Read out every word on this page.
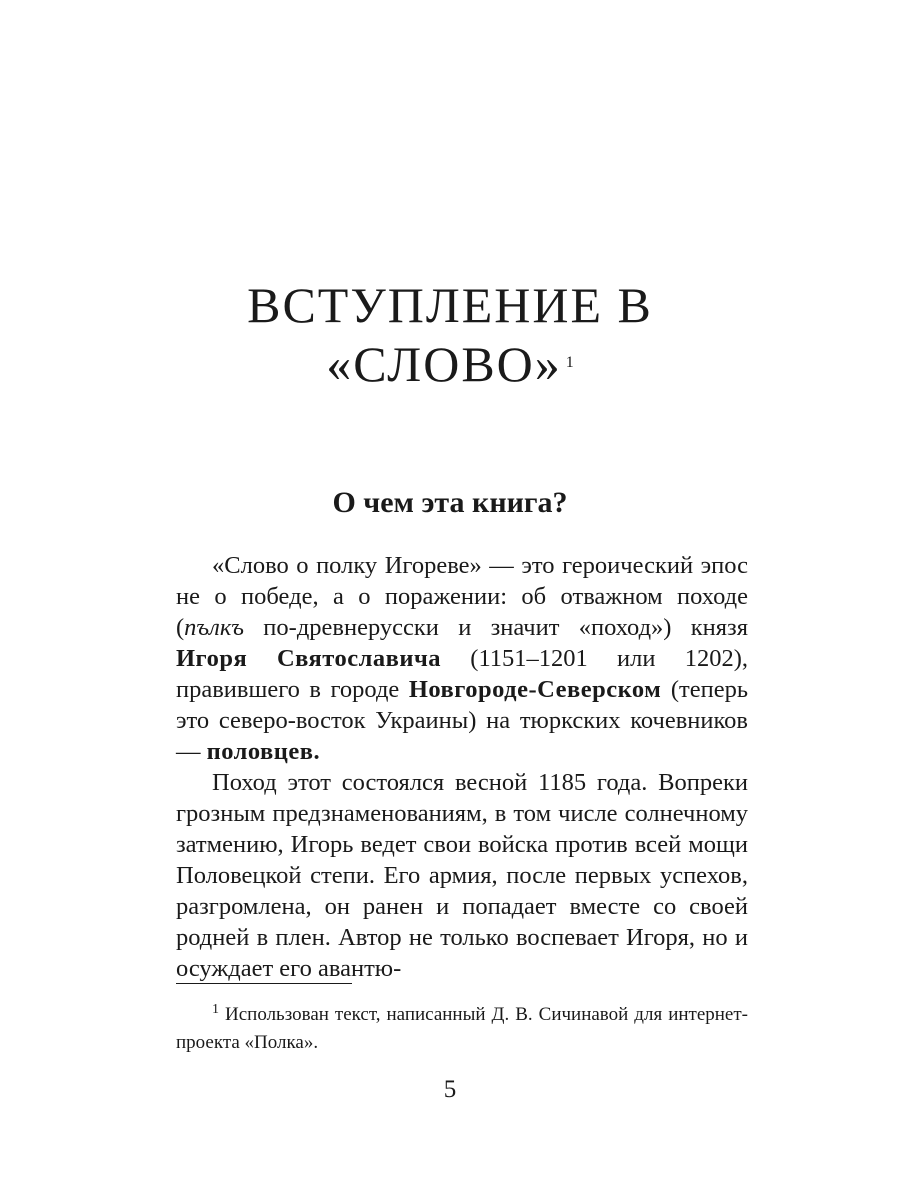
ВСТУПЛЕНИЕ В
«СЛОВО» $^1$
О чем эта книга?

«Слово о полку Игореве» — это героический эпос не о победе, а о поражении: об отважном походе (пълкъ по-древнерусски и значит «поход») князя Игоря Святославича (1151–1201 или 1202), правившего в городе Новгороде-Северском (теперь это северо-восток Украины) на тюркских кочевников — половцев.

Поход этот состоялся весной 1185 года. Вопреки грозным предзнаменованиям, в том числе солнечному затмению, Игорь ведет свои войска против всей мощи Половецкой степи. Его армия, после первых успехов, разгромлена, он ранен и попадает вместе со своей родней в плен. Автор не только воспевает Игоря, но и осуждает его авантю-

$^1$ Использован текст, написанный Д. В. Сичинавой для интернет-проекта «Полка».
5
